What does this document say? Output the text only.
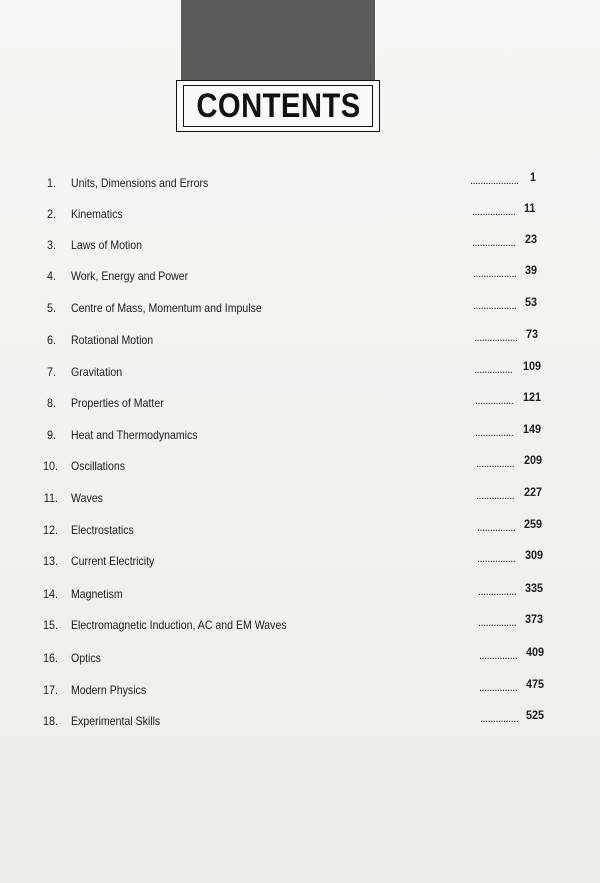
CONTENTS
1. Units, Dimensions and Errors	................... 1
2. Kinematics	................. 11
3. Laws of Motion	................. 23
4. Work, Energy and Power	................. 39
5. Centre of Mass, Momentum and Impulse	................. 53
6. Rotational Motion	................. 73
7. Gravitation	............... 109
8. Properties of Matter	............... 121
9. Heat and Thermodynamics	............... 149
10. Oscillations	............... 209
11. Waves	............... 227
12. Electrostatics	............... 259
13. Current Electricity	............... 309
14. Magnetism	............... 335
15. Electromagnetic Induction, AC and EM Waves	............... 373
16. Optics	............... 409
17. Modern Physics	............... 475
18. Experimental Skills	............... 525
